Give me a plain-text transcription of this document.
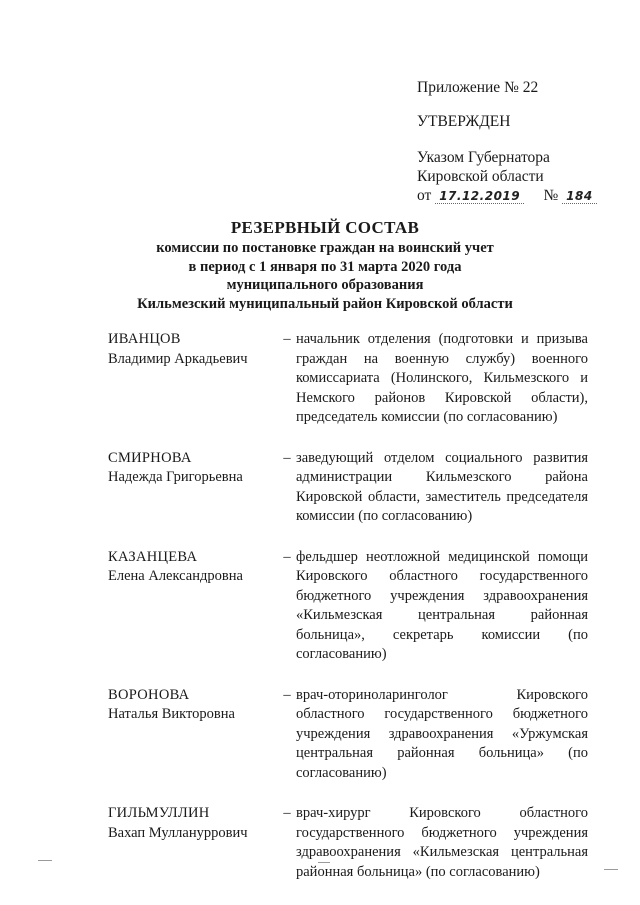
Приложение № 22
УТВЕРЖДЕН
Указом Губернатора
Кировской области
от 17.12.2019 № 184
РЕЗЕРВНЫЙ СОСТАВ
комиссии по постановке граждан на воинский учет
в период с 1 января по 31 марта 2020 года
муниципального образования
Кильмезский муниципальный район Кировской области
ИВАНЦОВ
Владимир Аркадьевич
– начальник отделения (подготовки и призыва граждан на военную службу) военного комиссариата (Нолинского, Кильмезского и Немского районов Кировской области), председатель комиссии (по согласованию)
СМИРНОВА
Надежда Григорьевна
– заведующий отделом социального развития администрации Кильмезского района Кировской области, заместитель председателя комиссии (по согласованию)
КАЗАНЦЕВА
Елена Александровна
– фельдшер неотложной медицинской помощи Кировского областного государственного бюджетного учреждения здравоохранения «Кильмезская центральная районная больница», секретарь комиссии (по согласованию)
ВОРОНОВА
Наталья Викторовна
– врач-оториноларинголог Кировского областного государственного бюджетного учреждения здравоохранения «Уржумская центральная районная больница» (по согласованию)
ГИЛЬМУЛЛИН
Вахап Муллануррович
– врач-хирург Кировского областного государственного бюджетного учреждения здравоохранения «Кильмезская центральная районная больница» (по согласованию)
